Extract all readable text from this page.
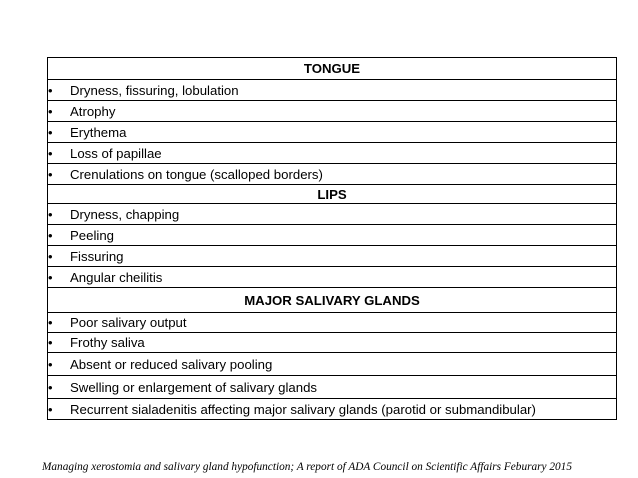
TONGUE
• Dryness, fissuring, lobulation
• Atrophy
• Erythema
• Loss of papillae
• Crenulations on tongue (scalloped borders)
LIPS
• Dryness, chapping
• Peeling
• Fissuring
• Angular cheilitis
MAJOR SALIVARY GLANDS
• Poor salivary output
• Frothy saliva
• Absent or reduced salivary pooling
• Swelling or enlargement of salivary glands
• Recurrent sialadenitis affecting major salivary glands (parotid or submandibular)
Managing xerostomia and salivary gland hypofunction; A report of ADA Council on Scientific Affairs Feburary 2015
